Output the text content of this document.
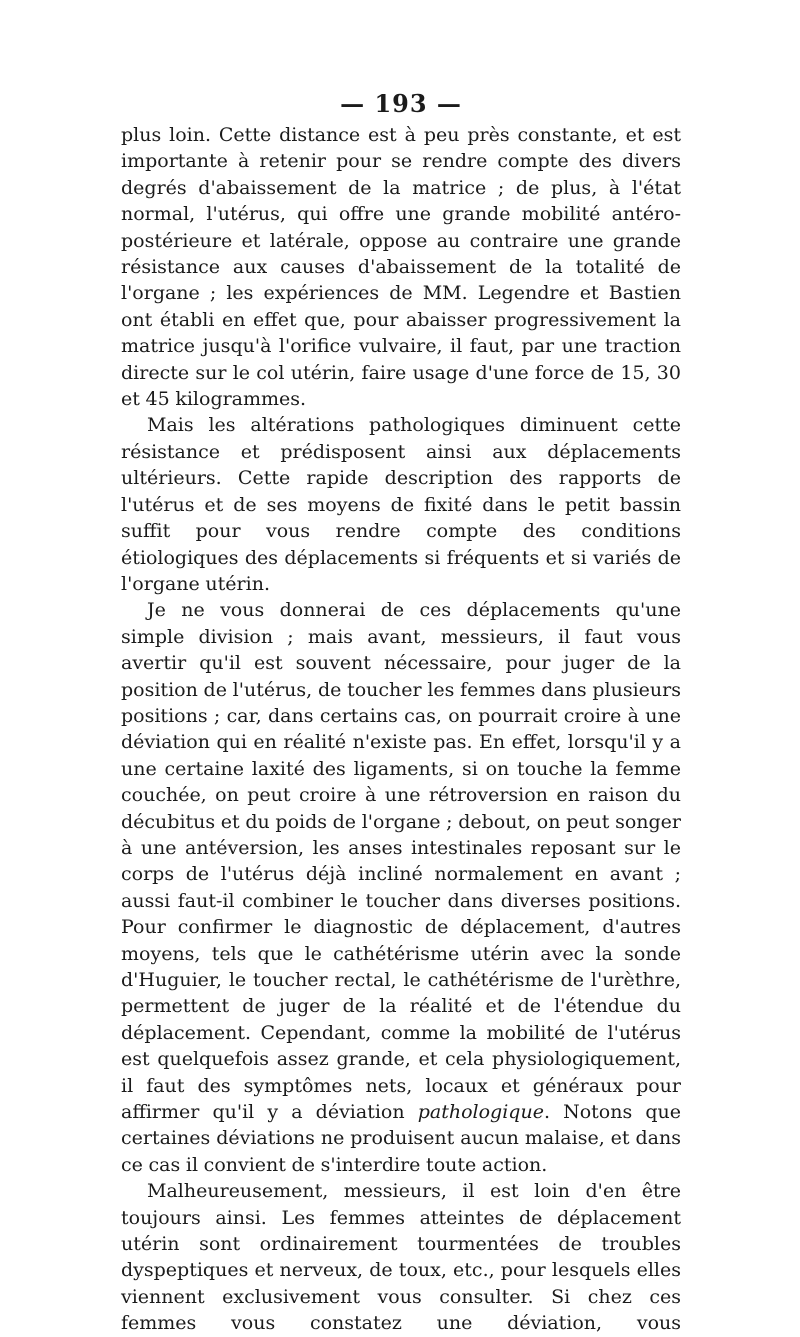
— 193 —

plus loin. Cette distance est à peu près constante, et est importante à retenir pour se rendre compte des divers degrés d'abaissement de la matrice ; de plus, à l'état normal, l'utérus, qui offre une grande mobilité antéro-postérieure et latérale, oppose au contraire une grande résistance aux causes d'abaissement de la totalité de l'organe ; les expériences de MM. Legendre et Bastien ont établi en effet que, pour abaisser progressivement la matrice jusqu'à l'orifice vulvaire, il faut, par une traction directe sur le col utérin, faire usage d'une force de 15, 30 et 45 kilogrammes.

Mais les altérations pathologiques diminuent cette résistance et prédisposent ainsi aux déplacements ultérieurs. Cette rapide description des rapports de l'utérus et de ses moyens de fixité dans le petit bassin suffit pour vous rendre compte des conditions étiologiques des déplacements si fréquents et si variés de l'organe utérin.

Je ne vous donnerai de ces déplacements qu'une simple division ; mais avant, messieurs, il faut vous avertir qu'il est souvent nécessaire, pour juger de la position de l'utérus, de toucher les femmes dans plusieurs positions ; car, dans certains cas, on pourrait croire à une déviation qui en réalité n'existe pas. En effet, lorsqu'il y a une certaine laxité des ligaments, si on touche la femme couchée, on peut croire à une rétroversion en raison du décubitus et du poids de l'organe ; debout, on peut songer à une antéversion, les anses intestinales reposant sur le corps de l'utérus déjà incliné normalement en avant ; aussi faut-il combiner le toucher dans diverses positions. Pour confirmer le diagnostic de déplacement, d'autres moyens, tels que le cathétérisme utérin avec la sonde d'Huguier, le toucher rectal, le cathétérisme de l'urèthre, permettent de juger de la réalité et de l'étendue du déplacement. Cependant, comme la mobilité de l'utérus est quelquefois assez grande, et cela physiologiquement, il faut des symptômes nets, locaux et généraux pour affirmer qu'il y a déviation pathologique. Notons que certaines déviations ne produisent aucun malaise, et dans ce cas il convient de s'interdire toute action.

Malheureusement, messieurs, il est loin d'en être toujours ainsi. Les femmes atteintes de déplacement utérin sont ordinairement tourmentées de troubles dyspeptiques et nerveux, de toux, etc., pour lesquels elles viennent exclusivement vous consulter. Si chez ces femmes vous constatez une déviation, vous
